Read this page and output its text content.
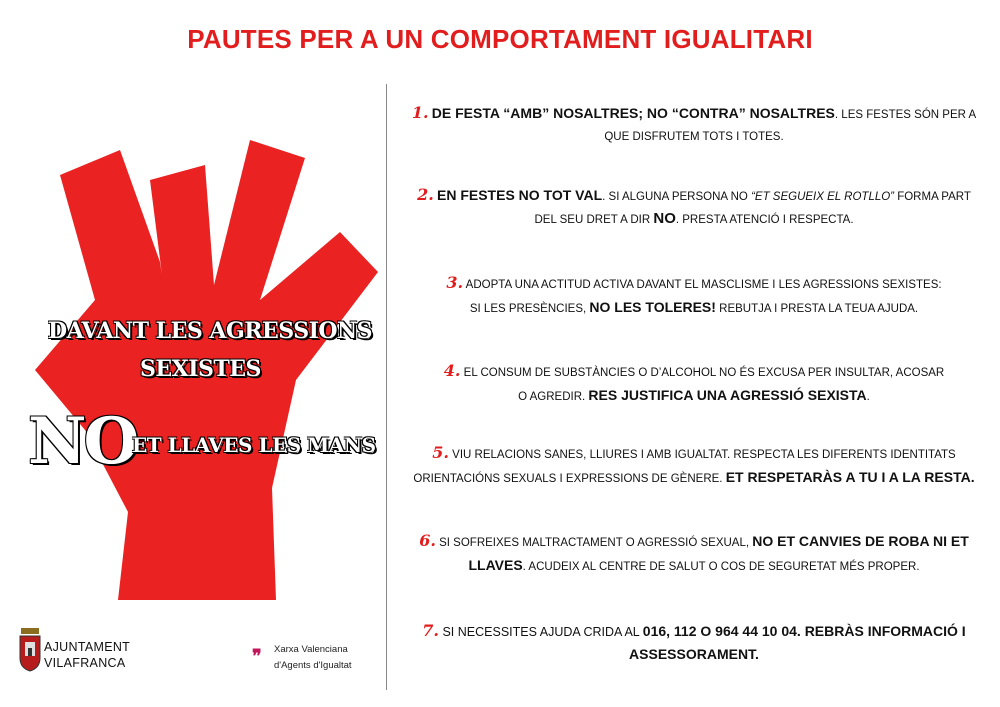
PAUTES PER A UN COMPORTAMENT IGUALITARI
DAVANT LES AGRESSIONS
SEXISTES
NO
ET LLAVES LES MANS
1. DE FESTA “AMB” NOSALTRES; NO “CONTRA” NOSALTRES. LES FESTES SÓN PER A
QUE DISFRUTEM TOTS I TOTES.
2. EN FESTES NO TOT VAL. SI ALGUNA PERSONA NO “ET SEGUEIX EL ROTLLO” FORMA PART
DEL SEU DRET A DIR NO. PRESTA ATENCIÓ I RESPECTA.
3. ADOPTA UNA ACTITUD ACTIVA DAVANT EL MASCLISME I LES AGRESSIONS SEXISTES:
SI LES PRESÈNCIES, NO LES TOLERES! REBUTJA I PRESTA LA TEUA AJUDA.
4. EL CONSUM DE SUBSTÀNCIES O D’ALCOHOL NO ÉS EXCUSA PER INSULTAR, ACOSAR
O AGREDIR. RES JUSTIFICA UNA AGRESSIÓ SEXISTA.
5. VIU RELACIONS SANES, LLIURES I AMB IGUALTAT. RESPECTA LES DIFERENTS IDENTITATS
ORIENTACIÓNS SEXUALS I EXPRESSIONS DE GÈNERE. ET RESPETARÀS A TU I A LA RESTA.
6. SI SOFREIXES MALTRACTAMENT O AGRESSIÓ SEXUAL, NO ET CANVIES DE ROBA NI ET
LLAVES. ACUDEIX AL CENTRE DE SALUT O COS DE SEGURETAT MÉS PROPER.
7. SI NECESSITES AJUDA CRIDA AL 016, 112 O 964 44 10 04. REBRÀS INFORMACIÓ I
ASSESSORAMENT.
AJUNTAMENT
VILAFRANCA	❞ Xarxa Valenciana
d'Agents d'Igualtat
